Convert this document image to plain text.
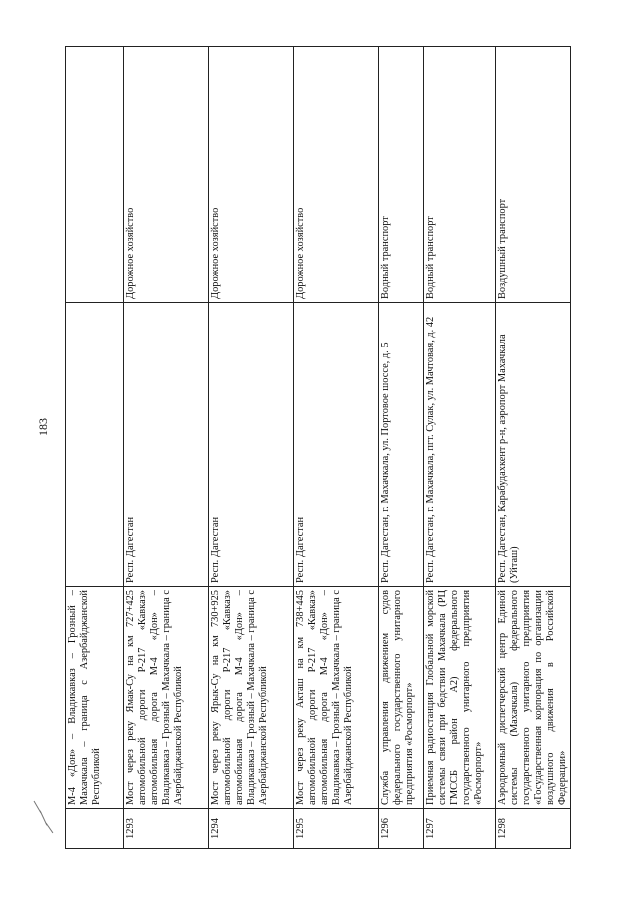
183
	М-4 «Дон» – Владикавказ – Грозный – Махачкала – граница с Азербайджанской Республикой		
1293	Мост через реку Ямак-Су на км 727+425 автомобильной дороги Р-217 «Кавказ» автомобильная дорога М-4 «Дон» – Владикавказ – Грозный – Махачкала – граница с Азербайджанской Республикой	Респ. Дагестан	Дорожное хозяйство
1294	Мост через реку Ярык-Су на км 730+925 автомобильной дороги Р-217 «Кавказ» автомобильная дорога М-4 «Дон» – Владикавказ – Грозный – Махачкала – граница с Азербайджанской Республикой	Респ. Дагестан	Дорожное хозяйство
1295	Мост через реку Акташ на км 738+445 автомобильной дороги Р-217 «Кавказ» автомобильная дорога М-4 «Дон» – Владикавказ – Грозный – Махачкала – граница с Азербайджанской Республикой	Респ. Дагестан	Дорожное хозяйство
1296	Служба управления движением судов федерального государственного унитарного предприятия «Росморпорт»	Респ. Дагестан, г. Махачкала, ул. Портовое шоссе, д. 5	Водный транспорт
1297	Приемная радиостанция Глобальной морской системы связи при бедствии Махачкала (РЦ ГМССБ район А2) федерального государственного унитарного предприятия «Росморпорт»	Респ. Дагестан, г. Махачкала, пгт. Сулак, ул. Мачтовая, д. 42	Водный транспорт
1298	Аэродромный диспетчерский центр Единой системы (Махачкала) федерального государственного унитарного предприятия «Государственная корпорация по организации воздушного движения в Российской Федерации»	Респ. Дагестан, Карабудахкент р-н, аэропорт Махачкала (Уйташ)	Воздушный транспорт
